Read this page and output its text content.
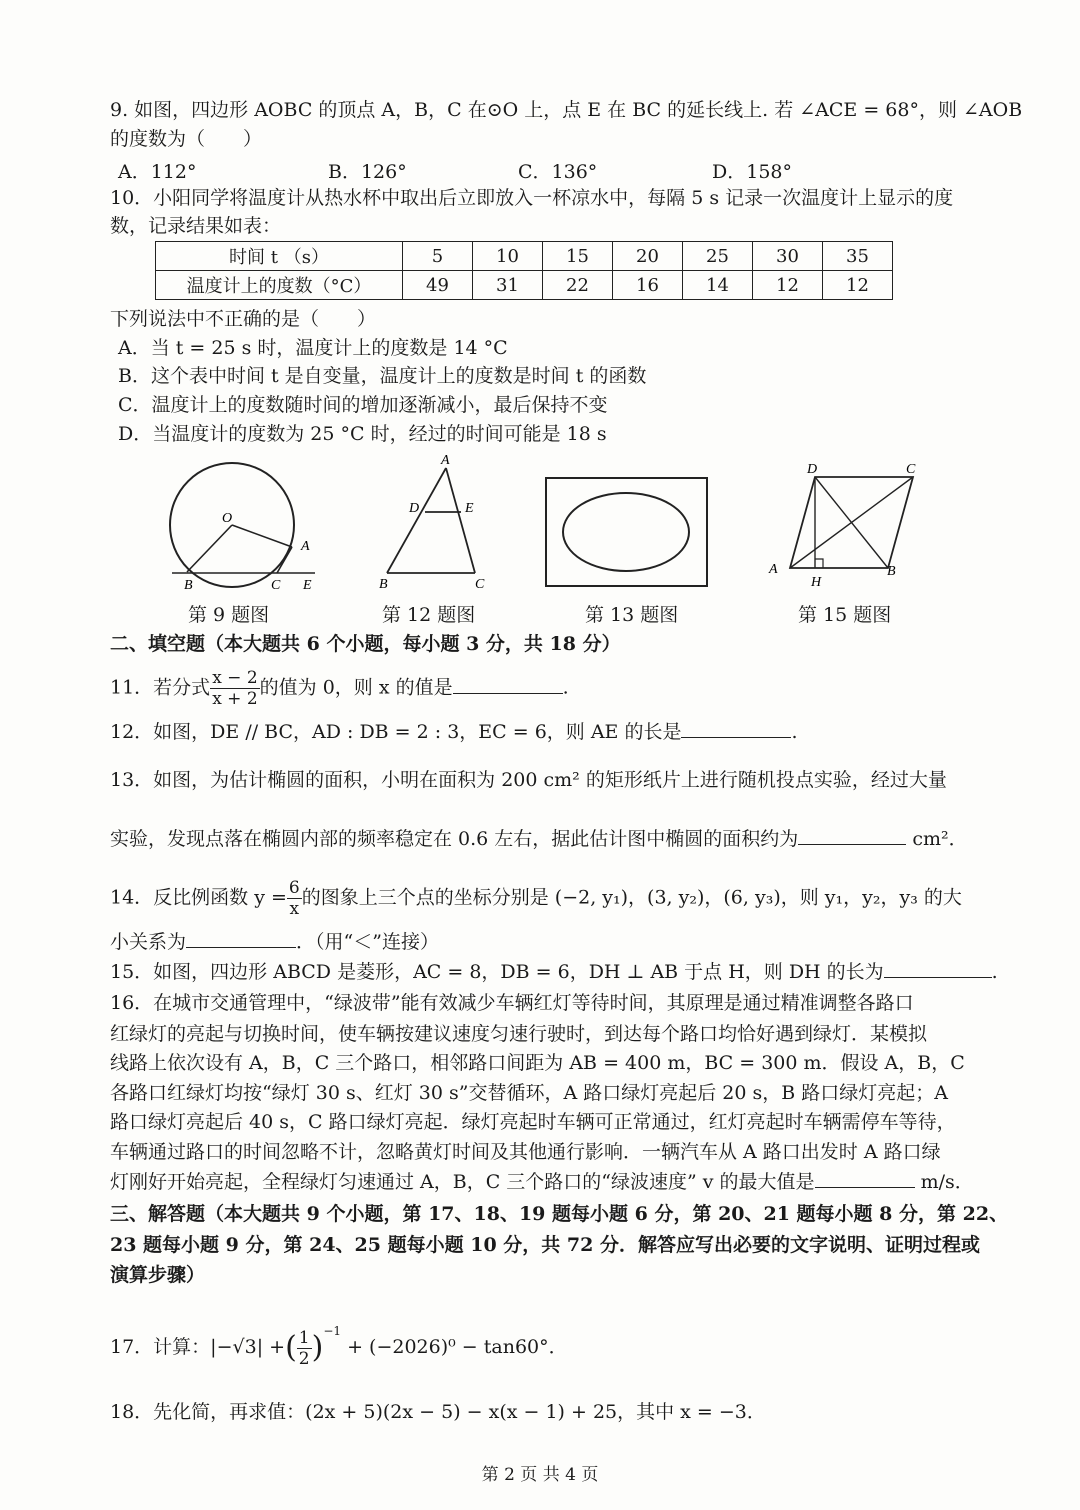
9. 如图，四边形 AOBC 的顶点 A，B，C 在⊙O 上，点 E 在 BC 的延长线上. 若 ∠ACE = 68°，则 ∠AOB
的度数为（　　）
A．112°	B．126°	C．136°	D．158°
10．小阳同学将温度计从热水杯中取出后立即放入一杯凉水中，每隔 5 s 记录一次温度计上显示的度
数，记录结果如表：
时间 t （s）	5	10	15	20	25	30	35
温度计上的度数（°C）	49	31	22	16	14	12	12
下列说法中不正确的是（　　）
A．当 t = 25 s 时，温度计上的度数是 14 °C
B．这个表中时间 t 是自变量，温度计上的度数是时间 t 的函数
C．温度计上的度数随时间的增加逐渐减小，最后保持不变
D．当温度计的度数为 25 °C 时，经过的时间可能是 18 s
O
A
B	C E
A
D	E
B	C
D	C
A
H
B
第 9 题图	第 12 题图	第 13 题图	第 15 题图
二、填空题（本大题共 6 个小题，每小题 3 分，共 18 分）
11．若分式 $\frac{x - 2}{x + 2}$ 的值为 0，则 x 的值是	.
12．如图，DE // BC，AD : DB = 2 : 3，EC = 6，则 AE 的长是	.
13．如图，为估计椭圆的面积，小明在面积为 200 cm² 的矩形纸片上进行随机投点实验，经过大量
实验，发现点落在椭圆内部的频率稳定在 0.6 左右，据此估计图中椭圆的面积约为	cm²．
14．反比例函数 $y = \frac{6}{x}$ 的图象上三个点的坐标分别是 (−2, y₁)，(3, y₂)，(6, y₃)，则 y₁，y₂，y₃ 的大
小关系为	．（用“＜”连接）
15．如图，四边形 ABCD 是菱形，AC = 8，DB = 6，DH ⊥ AB 于点 H，则 DH 的长为	.
16．在城市交通管理中，“绿波带”能有效减少车辆红灯等待时间，其原理是通过精准调整各路口
红绿灯的亮起与切换时间，使车辆按建议速度匀速行驶时，到达每个路口均恰好遇到绿灯．某模拟
线路上依次设有 A，B，C 三个路口，相邻路口间距为 AB = 400 m，BC = 300 m．假设 A，B，C
各路口红绿灯均按“绿灯 30 s、红灯 30 s”交替循环，A 路口绿灯亮起后 20 s，B 路口绿灯亮起；A
路口绿灯亮起后 40 s，C 路口绿灯亮起．绿灯亮起时车辆可正常通过，红灯亮起时车辆需停车等待，
车辆通过路口的时间忽略不计，忽略黄灯时间及其他通行影响．一辆汽车从 A 路口出发时 A 路口绿
灯刚好开始亮起，全程绿灯匀速通过 A，B，C 三个路口的“绿波速度” v 的最大值是	m/s．
三、解答题（本大题共 9 个小题，第 17、18、19 题每小题 6 分，第 20、21 题每小题 8 分，第 22、
23 题每小题 9 分，第 24、25 题每小题 10 分，共 72 分．解答应写出必要的文字说明、证明过程或
演算步骤）
17．计算：|−√3| +( $\frac{1}{2} )^{-1} + (-2026)^0 - \tan 60^\circ$．
18．先化简，再求值：(2x + 5)(2x − 5) − x(x − 1) + 25，其中 x = −3．
第 2 页 共 4 页
